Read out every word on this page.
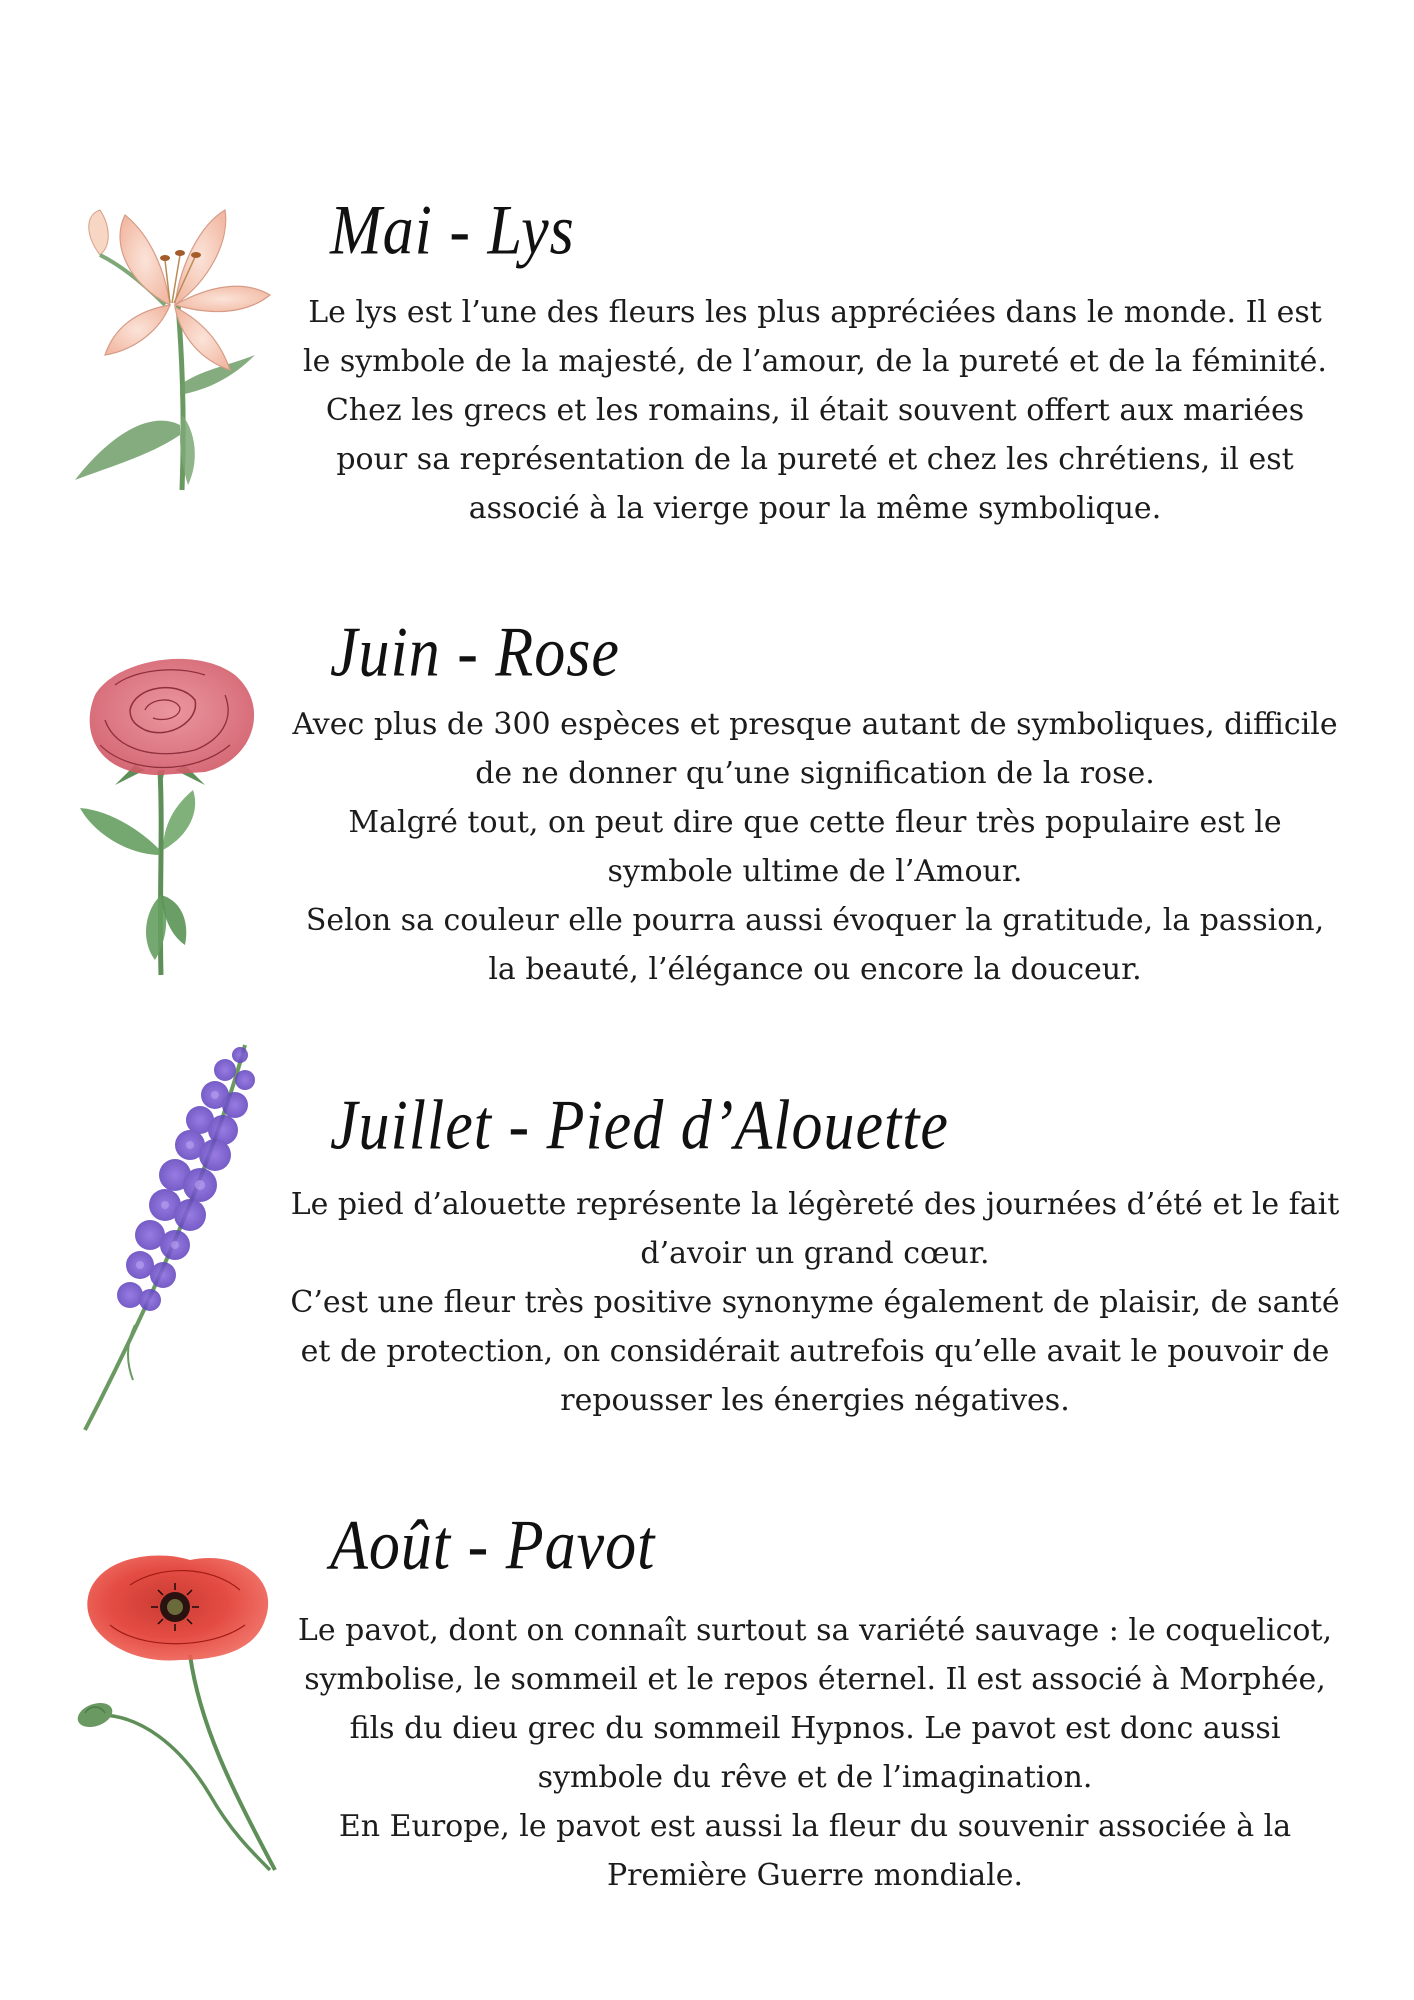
Mai - Lys

Le lys est l’une des fleurs les plus appréciées dans le monde. Il est le symbole de la majesté, de l’amour, de la pureté et de la féminité.

Chez les grecs et les romains, il était souvent offert aux mariées pour sa représentation de la pureté et chez les chrétiens, il est associé à la vierge pour la même symbolique.

Juin - Rose

Avec plus de 300 espèces et presque autant de symboliques, difficile de ne donner qu’une signification de la rose.

Malgré tout, on peut dire que cette fleur très populaire est le symbole ultime de l’Amour.

Selon sa couleur elle pourra aussi évoquer la gratitude, la passion, la beauté, l’élégance ou encore la douceur.

Juillet - Pied d’Alouette

Le pied d’alouette représente la légèreté des journées d’été et le fait d’avoir un grand cœur.

C’est une fleur très positive synonyme également de plaisir, de santé et de protection, on considérait autrefois qu’elle avait le pouvoir de repousser les énergies négatives.

Août - Pavot

Le pavot, dont on connaît surtout sa variété sauvage : le coquelicot, symbolise, le sommeil et le repos éternel. Il est associé à Morphée, fils du dieu grec du sommeil Hypnos. Le pavot est donc aussi symbole du rêve et de l’imagination.

En Europe, le pavot est aussi la fleur du souvenir associée à la Première Guerre mondiale.
